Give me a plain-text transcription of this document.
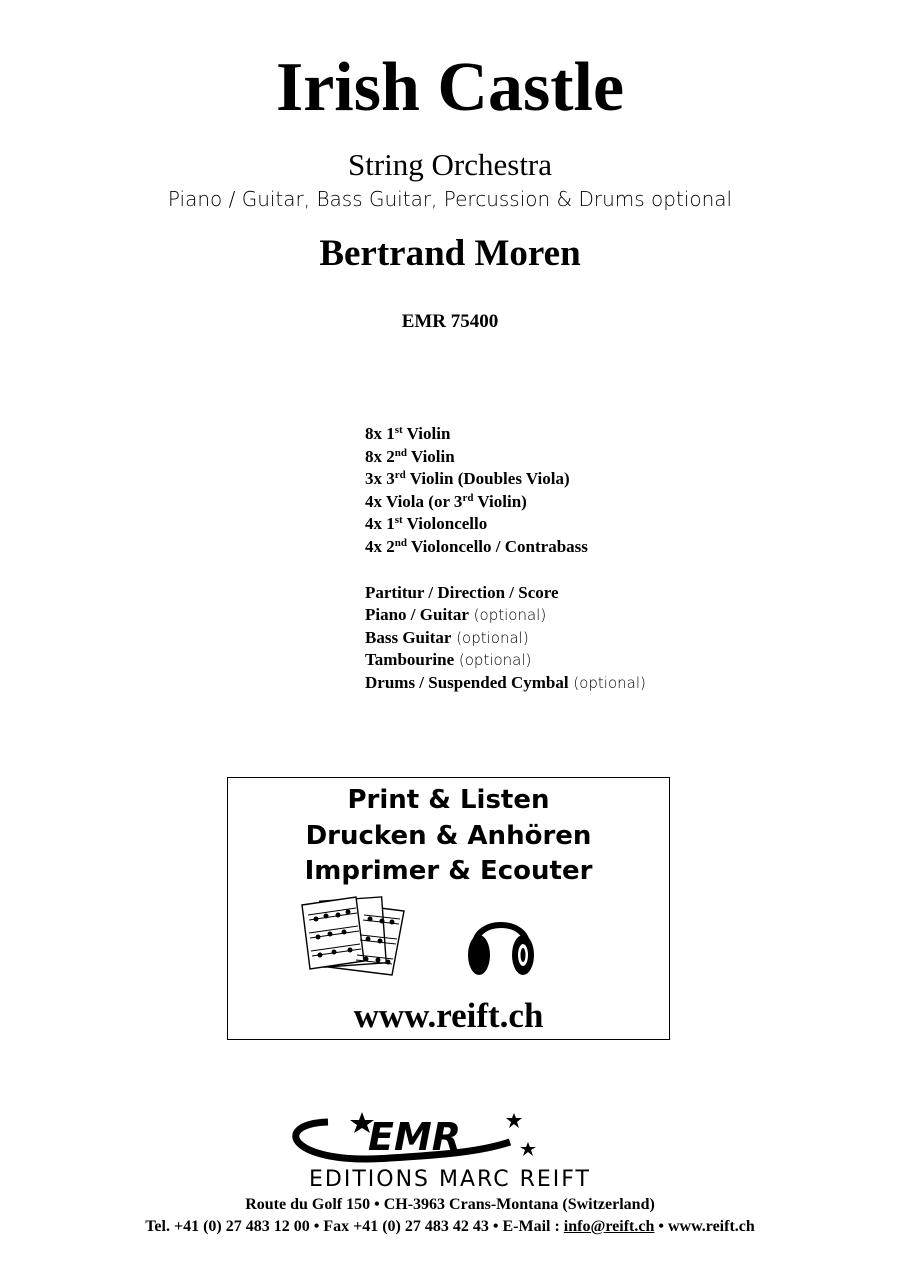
Irish Castle
String Orchestra
Piano / Guitar, Bass Guitar, Percussion & Drums optional
Bertrand Moren
EMR 75400
8x 1st Violin
8x 2nd Violin
3x 3rd Violin (Doubles Viola)
4x Viola (or 3rd Violin)
4x 1st Violoncello
4x 2nd Violoncello / Contrabass
Partitur / Direction / Score
Piano / Guitar (optional)
Bass Guitar (optional)
Tambourine (optional)
Drums / Suspended Cymbal (optional)
Print & Listen
Drucken & Anhören
Imprimer & Ecouter
www.reift.ch
EMR
EDITIONS MARC REIFT
Route du Golf 150 • CH-3963 Crans-Montana (Switzerland)
Tel. +41 (0) 27 483 12 00 • Fax +41 (0) 27 483 42 43 • E-Mail : info@reift.ch • www.reift.ch
